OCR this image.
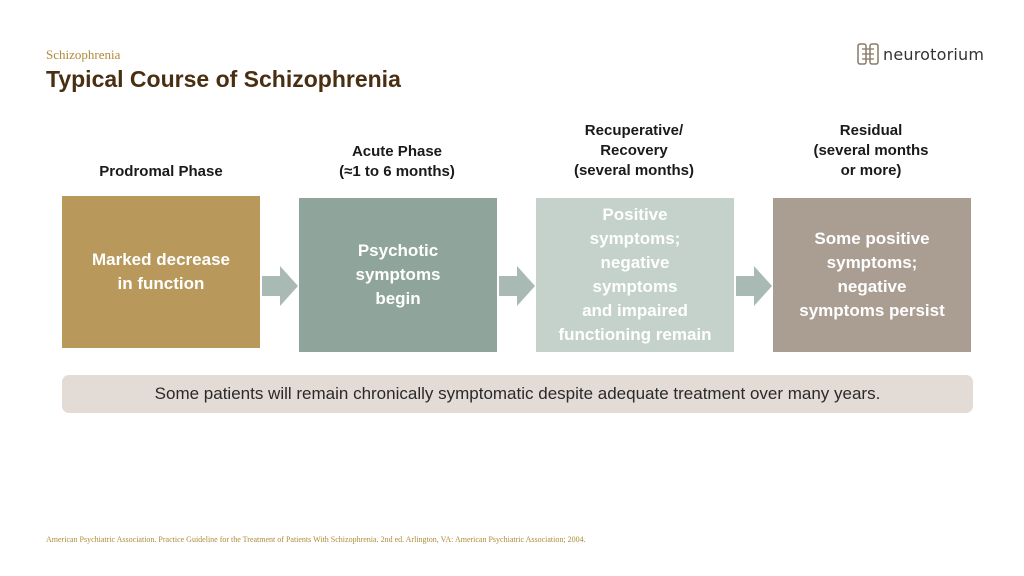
Schizophrenia
Typical Course of Schizophrenia
neurotorium
Prodromal Phase
Acute Phase
(≈1 to 6 months)
Recuperative/
Recovery
(several months)
Residual
(several months
or more)
Marked decrease
in function
Psychotic
symptoms
begin
Positive
symptoms;
negative
symptoms
and impaired
functioning remain
Some positive
symptoms;
negative
symptoms persist
Some patients will remain chronically symptomatic despite adequate treatment over many years.
American Psychiatric Association. Practice Guideline for the Treatment of Patients With Schizophrenia. 2nd ed. Arlington, VA: American Psychiatric Association; 2004.
